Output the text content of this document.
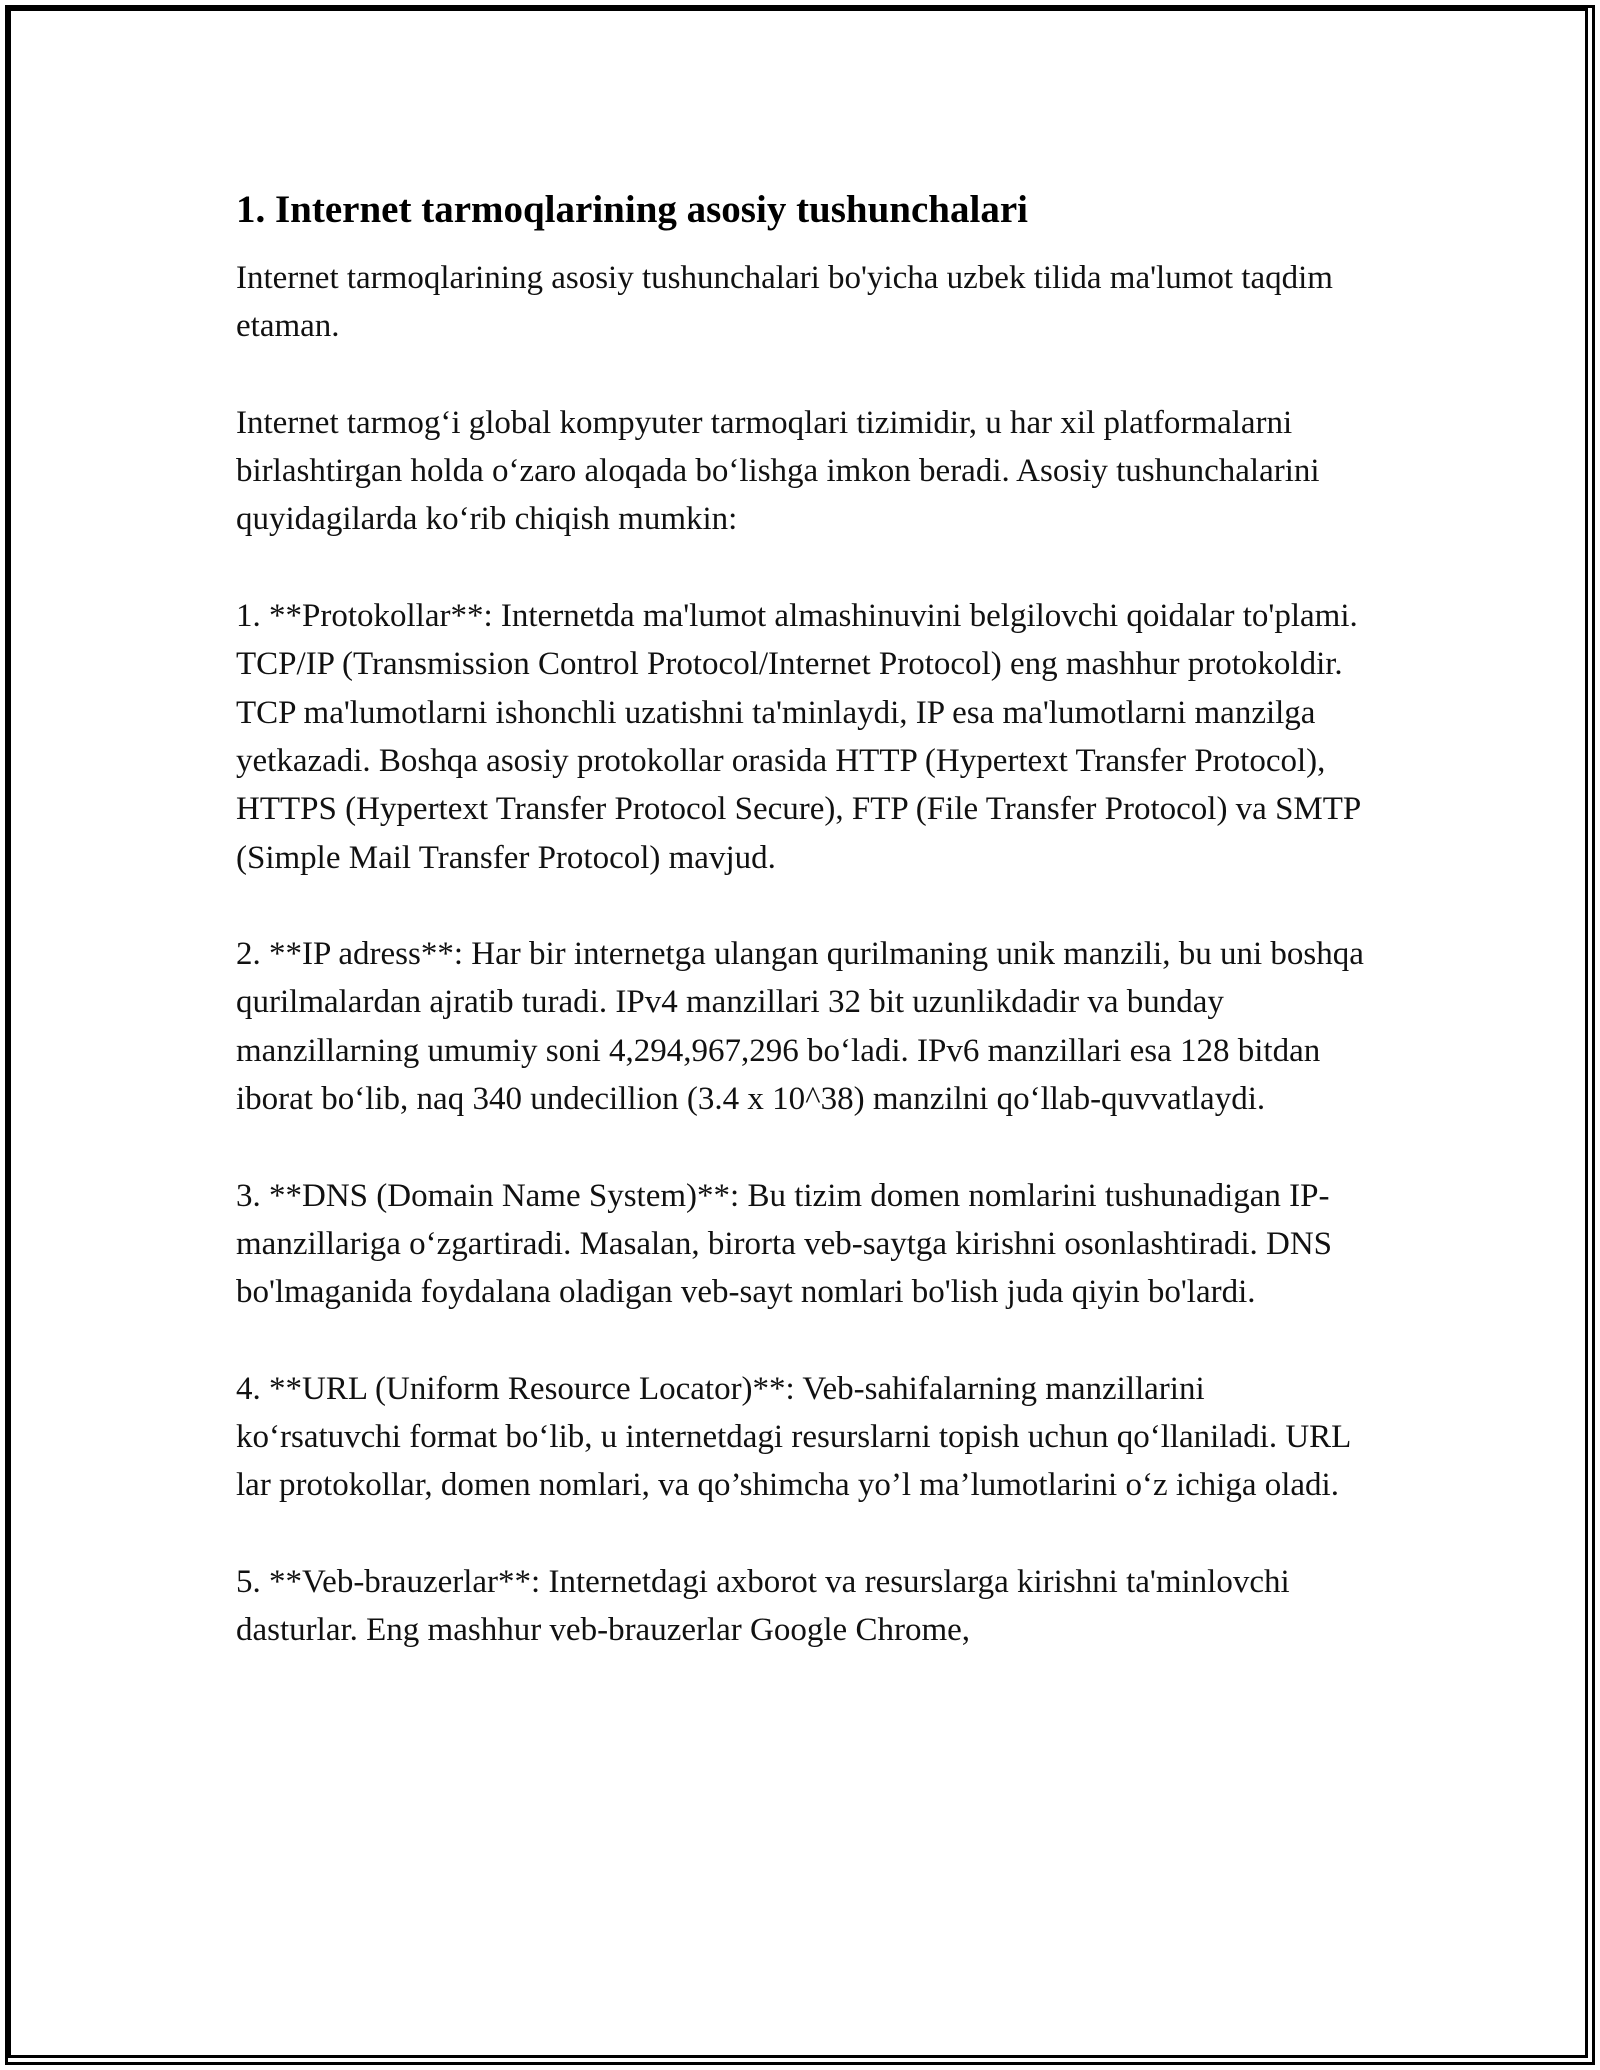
1. Internet tarmoqlarining asosiy tushunchalari

Internet tarmoqlarining asosiy tushunchalari bo'yicha uzbek tilida ma'lumot taqdim etaman.

Internet tarmog‘i global kompyuter tarmoqlari tizimidir, u har xil platformalarni birlashtirgan holda o‘zaro aloqada bo‘lishga imkon beradi. Asosiy tushunchalarini quyidagilarda ko‘rib chiqish mumkin:

1. **Protokollar**: Internetda ma'lumot almashinuvini belgilovchi qoidalar to'plami. TCP/IP (Transmission Control Protocol/Internet Protocol) eng mashhur protokoldir. TCP ma'lumotlarni ishonchli uzatishni ta'minlaydi, IP esa ma'lumotlarni manzilga yetkazadi. Boshqa asosiy protokollar orasida HTTP (Hypertext Transfer Protocol), HTTPS (Hypertext Transfer Protocol Secure), FTP (File Transfer Protocol) va SMTP (Simple Mail Transfer Protocol) mavjud.

2. **IP adress**: Har bir internetga ulangan qurilmaning unik manzili, bu uni boshqa qurilmalardan ajratib turadi. IPv4 manzillari 32 bit uzunlikdadir va bunday manzillarning umumiy soni 4,294,967,296 bo‘ladi. IPv6 manzillari esa 128 bitdan iborat bo‘lib, naq 340 undecillion (3.4 x 10^38) manzilni qo‘llab-quvvatlaydi.

3. **DNS (Domain Name System)**: Bu tizim domen nomlarini tushunadigan IP-manzillariga o‘zgartiradi. Masalan, birorta veb-saytga kirishni osonlashtiradi. DNS bo'lmaganida foydalana oladigan veb-sayt nomlari bo'lish juda qiyin bo'lardi.

4. **URL (Uniform Resource Locator)**: Veb-sahifalarning manzillarini ko‘rsatuvchi format bo‘lib, u internetdagi resurslarni topish uchun qo‘llaniladi. URL lar protokollar, domen nomlari, va qo’shimcha yo’l ma’lumotlarini o‘z ichiga oladi.

5. **Veb-brauzerlar**: Internetdagi axborot va resurslarga kirishni ta'minlovchi dasturlar. Eng mashhur veb-brauzerlar Google Chrome,
